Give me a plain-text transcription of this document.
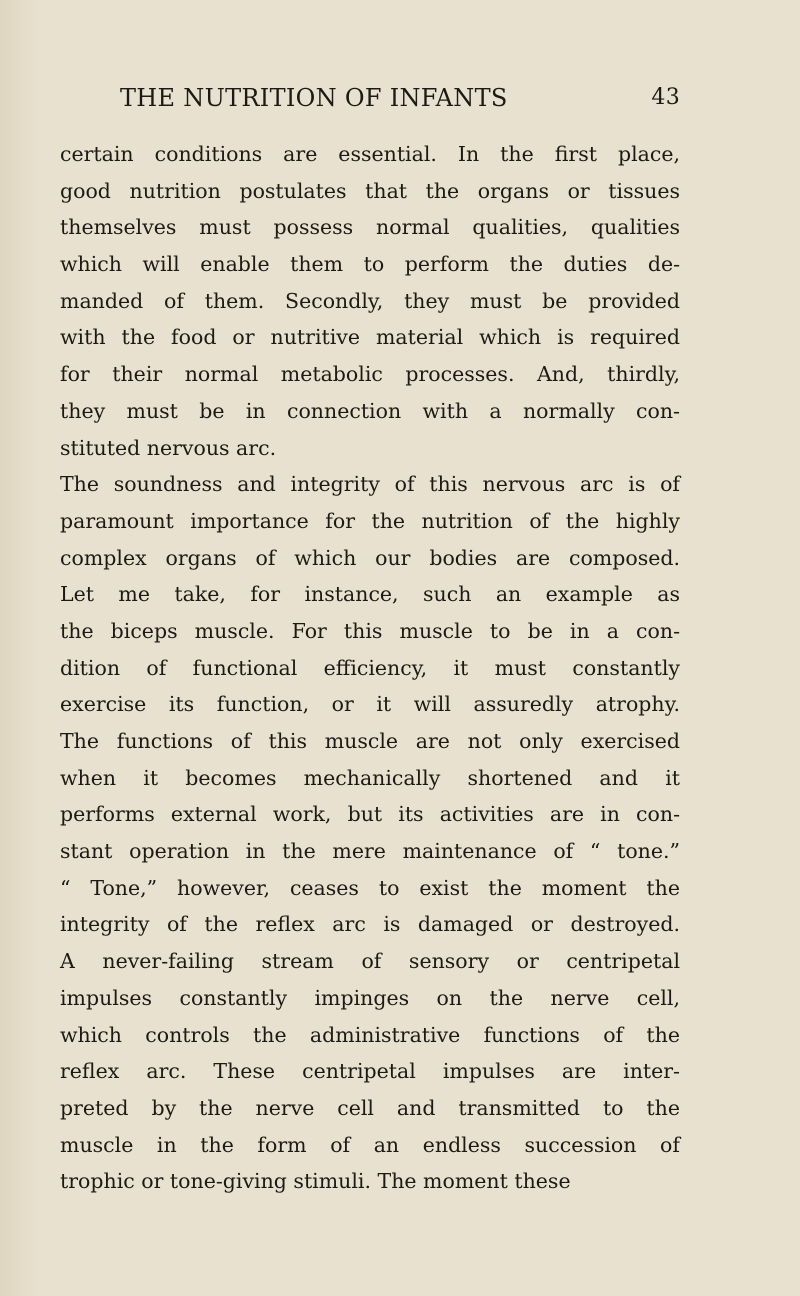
THE NUTRITION OF INFANTS	43
certain conditions are essential. In the first place,
good nutrition postulates that the organs or tissues
themselves must possess normal qualities, qualities
which will enable them to perform the duties de-
manded of them. Secondly, they must be provided
with the food or nutritive material which is required
for their normal metabolic processes. And, thirdly,
they must be in connection with a normally con-
stituted nervous arc.
The soundness and integrity of this nervous arc is of
paramount importance for the nutrition of the highly
complex organs of which our bodies are composed.
Let me take, for instance, such an example as
the biceps muscle. For this muscle to be in a con-
dition of functional efficiency, it must constantly
exercise its function, or it will assuredly atrophy.
The functions of this muscle are not only exercised
when it becomes mechanically shortened and it
performs external work, but its activities are in con-
stant operation in the mere maintenance of “ tone.”
“ Tone,” however, ceases to exist the moment the
integrity of the reflex arc is damaged or destroyed.
A never-failing stream of sensory or centripetal
impulses constantly impinges on the nerve cell,
which controls the administrative functions of the
reflex arc. These centripetal impulses are inter-
preted by the nerve cell and transmitted to the
muscle in the form of an endless succession of
trophic or tone-giving stimuli. The moment these
